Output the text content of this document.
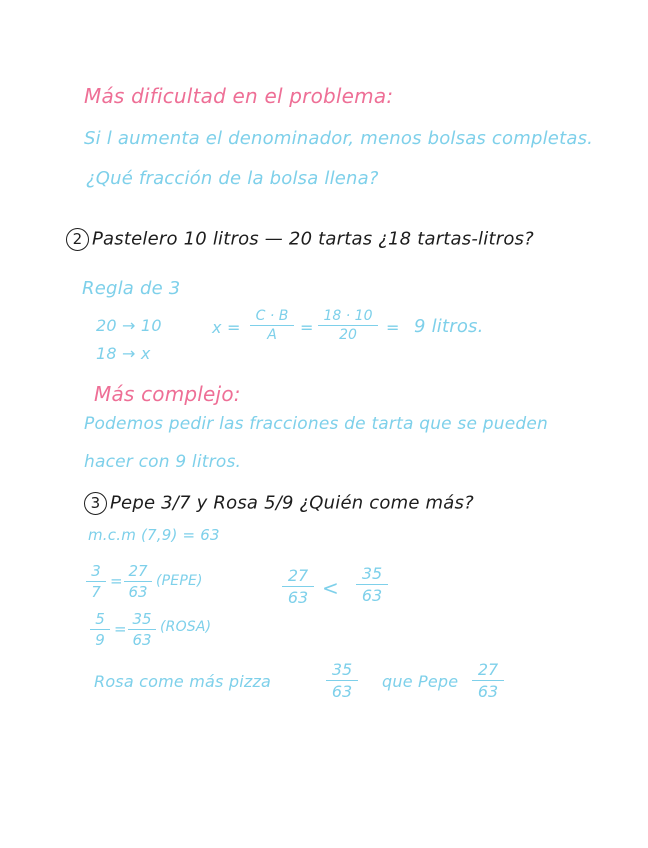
Más dificultad en el problema:
Si l aumenta el denominador, menos bolsas completas.
¿Qué fracción de la bolsa llena?
2 Pastelero 10 litros — 20 tartas ¿18 tartas-litros?
Regla de 3
20 → 10
18 → x
x =
C · B
A =
18 · 10
20 = 9 litros.
Más complejo:
Podemos pedir las fracciones de tarta que se pueden
hacer con 9 litros.
3 Pepe 3/7 y Rosa 5/9 ¿Quién come más?
m.c.m (7,9) = 63
3
7
=
27
63
(PEPE)	27
63 <
35
63
5
9
=
35
63
(ROSA)
Rosa come más pizza
35
63
que Pepe
27
63
